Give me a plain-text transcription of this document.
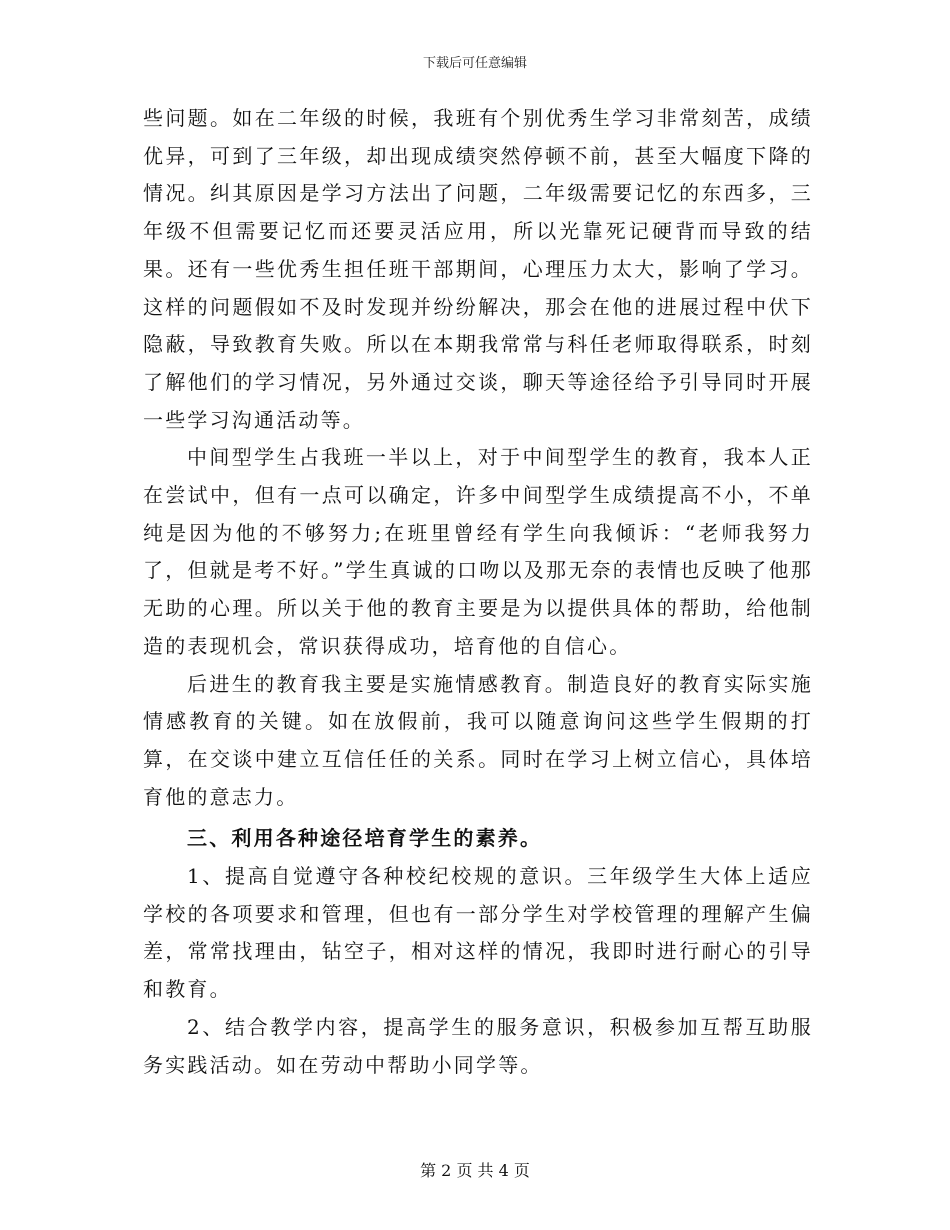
下载后可任意编辑

些问题。如在二年级的时候，我班有个别优秀生学习非常刻苦，成绩优异，可到了三年级，却出现成绩突然停顿不前，甚至大幅度下降的情况。纠其原因是学习方法出了问题，二年级需要记忆的东西多，三年级不但需要记忆而还要灵活应用，所以光靠死记硬背而导致的结果。还有一些优秀生担任班干部期间，心理压力太大，影响了学习。这样的问题假如不及时发现并纷纷解决，那会在他的进展过程中伏下隐蔽，导致教育失败。所以在本期我常常与科任老师取得联系，时刻了解他们的学习情况，另外通过交谈，聊天等途径给予引导同时开展一些学习沟通活动等。

中间型学生占我班一半以上，对于中间型学生的教育，我本人正在尝试中，但有一点可以确定，许多中间型学生成绩提高不小，不单纯是因为他的不够努力;在班里曾经有学生向我倾诉：“老师我努力了，但就是考不好。”学生真诚的口吻以及那无奈的表情也反映了他那无助的心理。所以关于他的教育主要是为以提供具体的帮助，给他制造的表现机会，常识获得成功，培育他的自信心。

后进生的教育我主要是实施情感教育。制造良好的教育实际实施情感教育的关键。如在放假前，我可以随意询问这些学生假期的打算，在交谈中建立互信任任的关系。同时在学习上树立信心，具体培育他的意志力。

三、利用各种途径培育学生的素养。

1、提高自觉遵守各种校纪校规的意识。三年级学生大体上适应学校的各项要求和管理，但也有一部分学生对学校管理的理解产生偏差，常常找理由，钻空子，相对这样的情况，我即时进行耐心的引导和教育。

2、结合教学内容，提高学生的服务意识，积极参加互帮互助服务实践活动。如在劳动中帮助小同学等。

第 2 页 共 4 页
